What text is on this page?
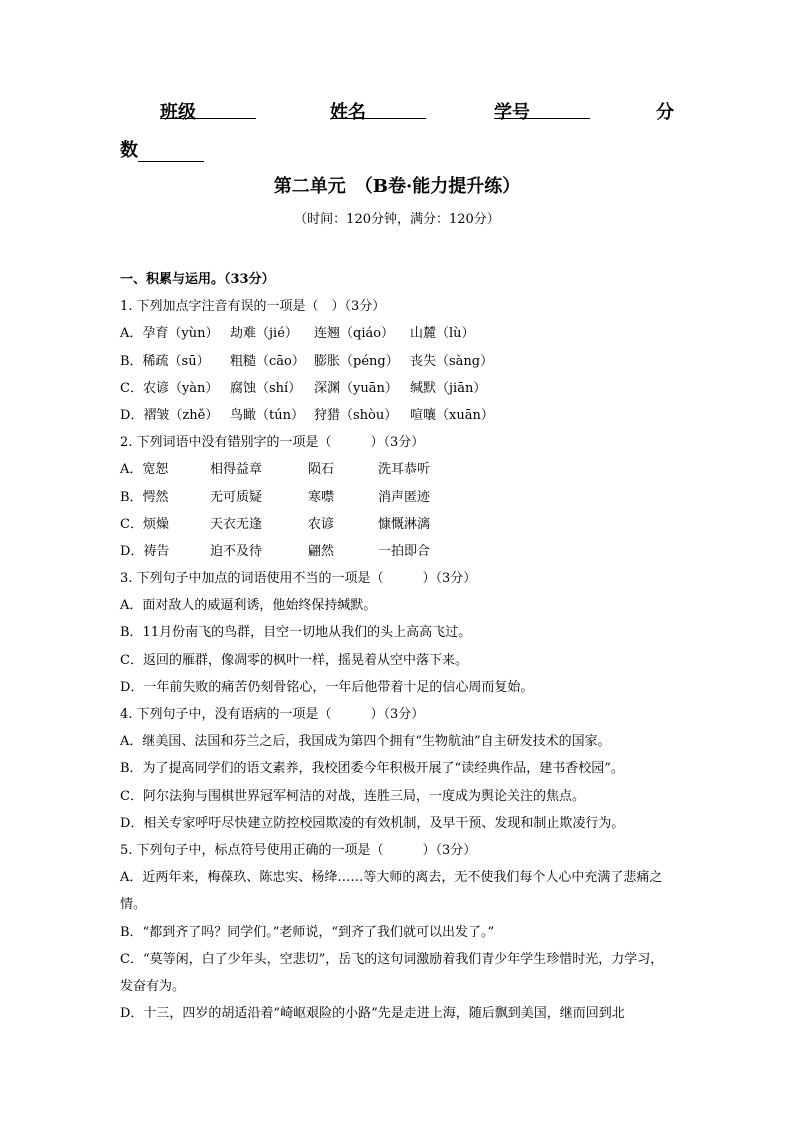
班级	姓名	学号	分
数
第二单元　（B卷·能力提升练）
（时间：120分钟，满分：120分）

一、积累与运用。（33分）

1. 下列加点字注音有误的一项是（　）（3分）

A．孕育（yùn） 劫难（jié） 连翘（qiáo） 山麓（lù）

B．稀疏（sū） 粗糙（cāo） 膨胀（péng） 丧失（sàng）

C．农谚（yàn） 腐蚀（shí） 深渊（yuān） 缄默（jiān）

D．褶皱（zhě） 鸟瞰（tún） 狩猎（shòu） 喧嚷（xuān）

2. 下列词语中没有错别字的一项是（　　　）（3分）

A．宽恕	相得益章	陨石	洗耳恭听

B．愕然	无可质疑	寒噤	消声匿迹

C．烦燥	天衣无逢	农谚	慷慨淋漓

D．祷告	迫不及待	翩然	一拍即合

3. 下列句子中加点的词语使用不当的一项是（　　　）（3分）

A．面对敌人的威逼利诱，他始终保持缄默。

B．11月份南飞的鸟群，目空一切地从我们的头上高高飞过。

C．返回的雁群，像凋零的枫叶一样，摇晃着从空中落下来。

D．一年前失败的痛苦仍刻骨铭心，一年后他带着十足的信心周而复始。

4. 下列句子中，没有语病的一项是（　　　）（3分）

A．继美国、法国和芬兰之后，我国成为第四个拥有“生物航油”自主研发技术的国家。

B．为了提高同学们的语文素养，我校团委今年积极开展了“读经典作品，建书香校园”。

C．阿尔法狗与围棋世界冠军柯洁的对战，连胜三局，一度成为舆论关注的焦点。

D．相关专家呼吁尽快建立防控校园欺凌的有效机制，及早干预、发现和制止欺凌行为。

5. 下列句子中，标点符号使用正确的一项是（　　　）（3分）

A．近两年来，梅葆玖、陈忠实、杨绛……等大师的离去，无不使我们每个人心中充满了悲痛之情。

B．“都到齐了吗？同学们。”老师说，“到齐了我们就可以出发了。”

C．“莫等闲，白了少年头，空悲切”，岳飞的这句词激励着我们青少年学生珍惜时光，力学习，发奋有为。

D．十三，四岁的胡适沿着“崎岖艰险的小路”先是走进上海，随后飘到美国，继而回到北
